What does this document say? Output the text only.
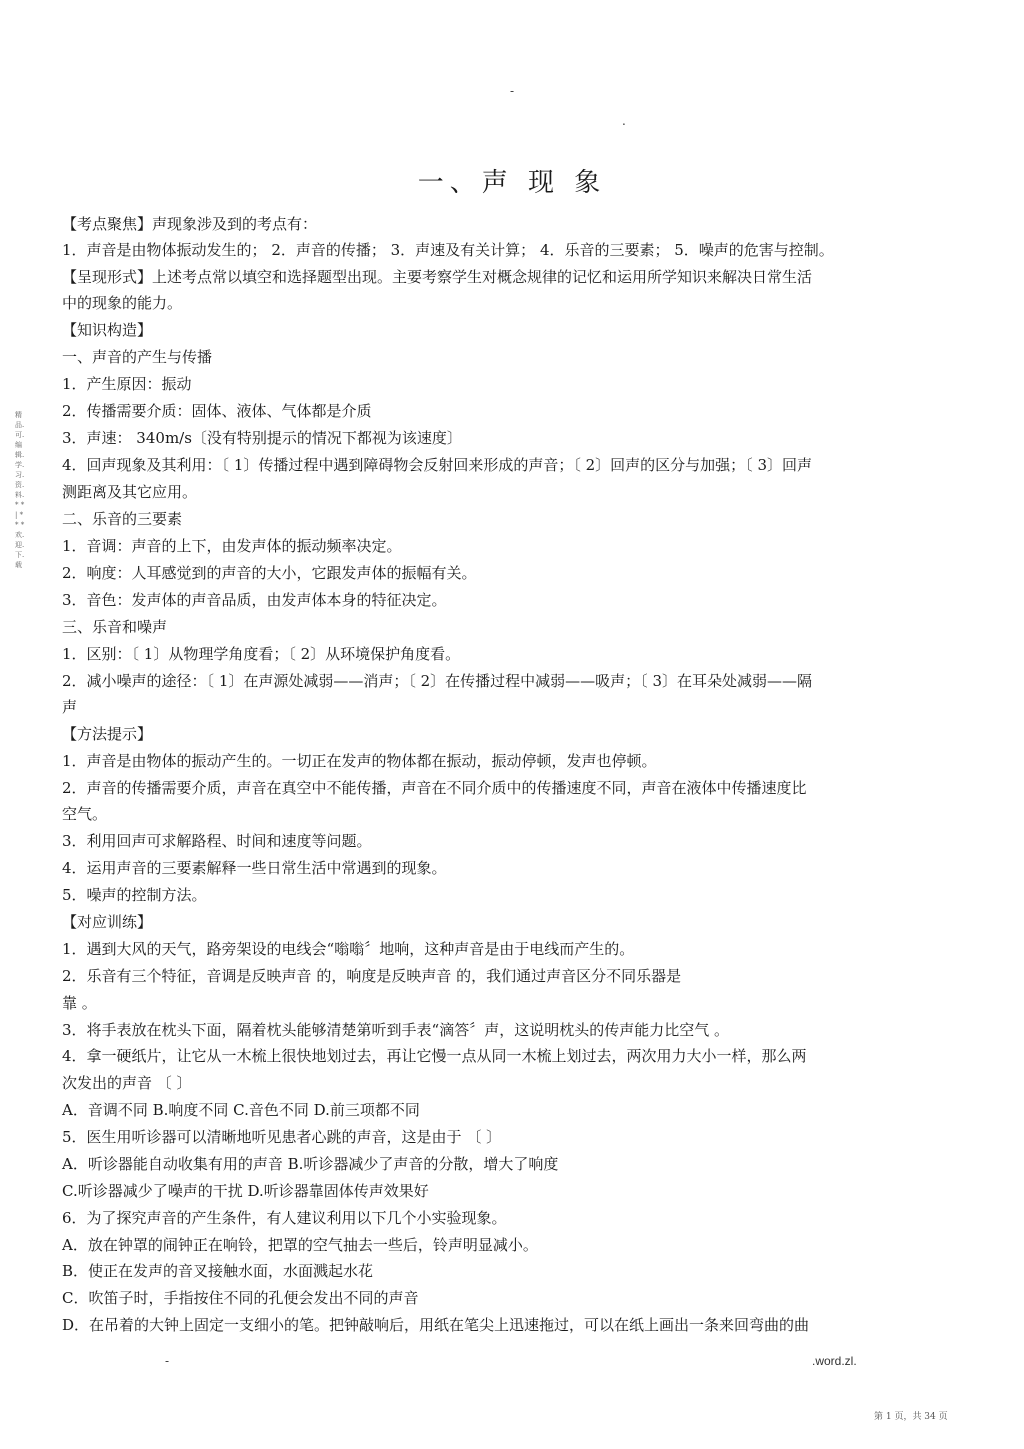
-
.
一、声 现 象
精品.可.编辑.学.习.资.料.* * | * * * 欢.迎.下.载
【考点聚焦】声现象涉及到的考点有：
1．声音是由物体振动发生的； 2．声音的传播； 3．声速及有关计算； 4．乐音的三要素； 5．噪声的危害与控制。
【呈现形式】上述考点常以填空和选择题型出现。主要考察学生对概念规律的记忆和运用所学知识来解决日常生活
中的现象的能力。
【知识构造】
一、声音的产生与传播
1．产生原因：振动
2．传播需要介质：固体、液体、气体都是介质
3．声速： 340m/s〔没有特别提示的情况下都视为该速度〕
4．回声现象及其利用：〔 1〕传播过程中遇到障碍物会反射回来形成的声音；〔 2〕回声的区分与加强；〔 3〕回声
测距离及其它应用。
二、乐音的三要素
1．音调：声音的上下，由发声体的振动频率决定。
2．响度：人耳感觉到的声音的大小，它跟发声体的振幅有关。
3．音色：发声体的声音品质，由发声体本身的特征决定。
三、乐音和噪声
1．区别：〔 1〕从物理学角度看；〔 2〕从环境保护角度看。
2．减小噪声的途径：〔 1〕在声源处减弱——消声；〔 2〕在传播过程中减弱——吸声；〔 3〕在耳朵处减弱——隔
声
【方法提示】
1．声音是由物体的振动产生的。一切正在发声的物体都在振动，振动停顿，发声也停顿。
2．声音的传播需要介质，声音在真空中不能传播，声音在不同介质中的传播速度不同，声音在液体中传播速度比
空气。
3．利用回声可求解路程、时间和速度等问题。
4．运用声音的三要素解释一些日常生活中常遇到的现象。
5．噪声的控制方法。
【对应训练】
1．遇到大风的天气，路旁架设的电线会“嗡嗡〞地响，这种声音是由于电线而产生的。
2．乐音有三个特征，音调是反映声音 的，响度是反映声音 的，我们通过声音区分不同乐器是
靠 。
3．将手表放在枕头下面，隔着枕头能够清楚第听到手表“滴答〞声，这说明枕头的传声能力比空气 。
4．拿一硬纸片，让它从一木梳上很快地划过去，再让它慢一点从同一木梳上划过去，两次用力大小一样，那么两
次发出的声音 〔 〕
A．音调不同 B.响度不同 C.音色不同 D.前三项都不同
5．医生用听诊器可以清晰地听见患者心跳的声音，这是由于 〔 〕
A．听诊器能自动收集有用的声音 B.听诊器减少了声音的分散，增大了响度
C.听诊器减少了噪声的干扰 D.听诊器靠固体传声效果好
6．为了探究声音的产生条件，有人建议利用以下几个小实验现象。
A．放在钟罩的闹钟正在响铃，把罩的空气抽去一些后，铃声明显减小。
B．使正在发声的音叉接触水面，水面溅起水花
C．吹笛子时，手指按住不同的孔便会发出不同的声音
D．在吊着的大钟上固定一支细小的笔。把钟敲响后，用纸在笔尖上迅速拖过，可以在纸上画出一条来回弯曲的曲
-	.word.zl.
第 1 页，共 34 页
